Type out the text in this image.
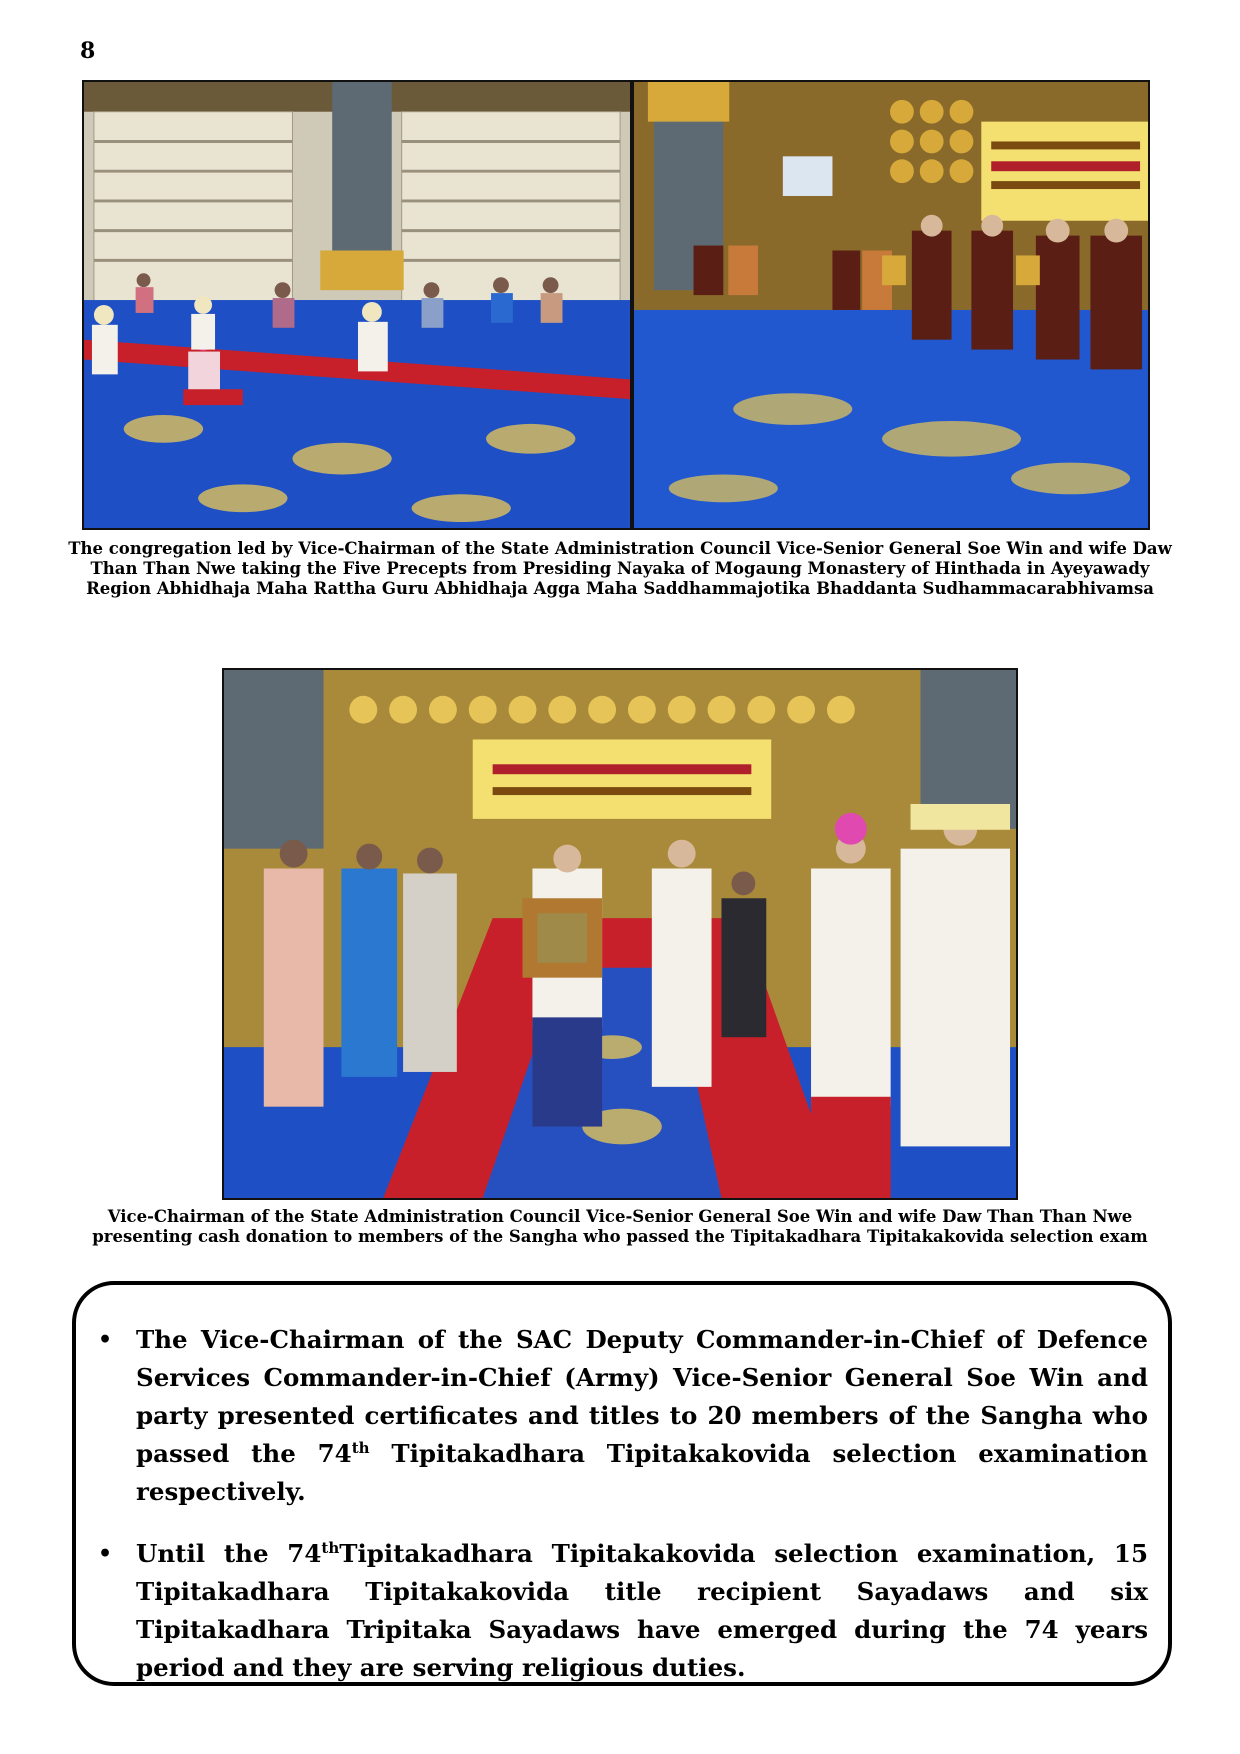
8
The congregation led by Vice-Chairman of the State Administration Council Vice-Senior General Soe Win and wife Daw
Than Than Nwe taking the Five Precepts from Presiding Nayaka of Mogaung Monastery of Hinthada in Ayeyawady
Region Abhidhaja Maha Rattha Guru Abhidhaja Agga Maha Saddhammajotika Bhaddanta Sudhammacarabhivamsa
Vice-Chairman of the State Administration Council Vice-Senior General Soe Win and wife Daw Than Than Nwe
presenting cash donation to members of the Sangha who passed the Tipitakadhara Tipitakakovida selection exam
• The Vice-Chairman of the SAC Deputy Commander-in-Chief of Defence Services Commander-in-Chief (Army) Vice-Senior General Soe Win and party presented certificates and titles to 20 members of the Sangha who passed the 74th Tipitakadhara Tipitakakovida selection examination respectively.
• Until the 74thTipitakadhara Tipitakakovida selection examination, 15 Tipitakadhara Tipitakakovida title recipient Sayadaws and six Tipitakadhara Tripitaka Sayadaws have emerged during the 74 years period and they are serving religious duties.
